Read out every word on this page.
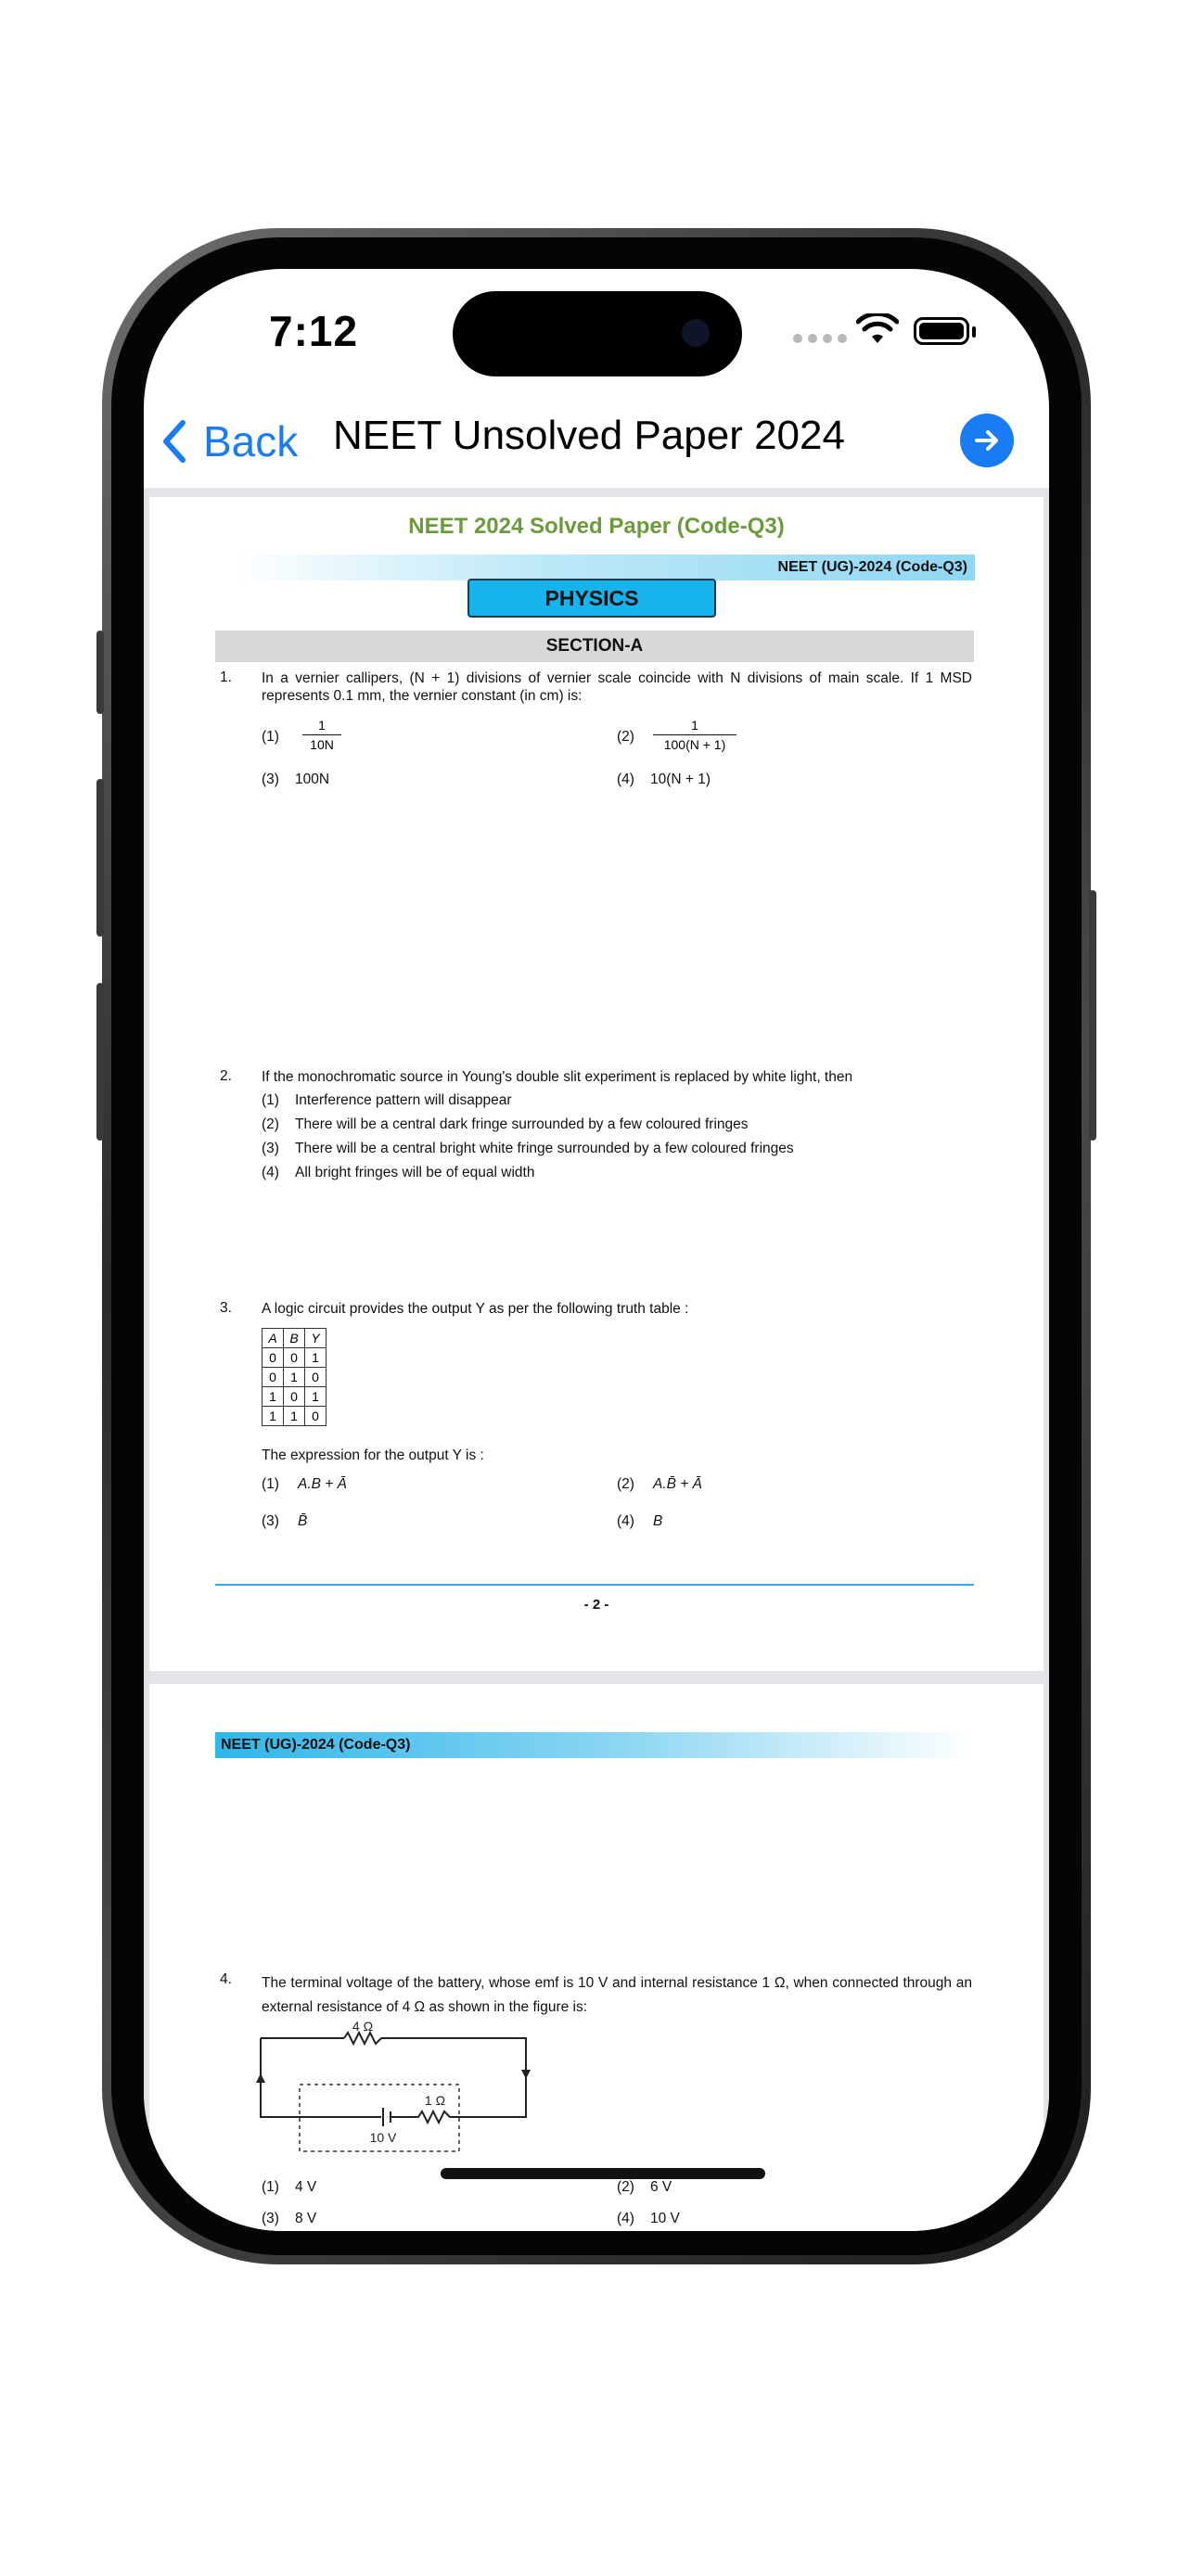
7:12
Back NEET Unsolved Paper 2024
NEET 2024 Solved Paper (Code-Q3)
NEET (UG)-2024 (Code-Q3)
PHYSICS
SECTION-A
1. In a vernier callipers, (N + 1) divisions of vernier scale coincide with N divisions of main scale. If 1 MSD represents 0.1 mm, the vernier constant (in cm) is:
(1)
1
10N	(2)
1
100(N + 1)
(3) 100N	(4) 10(N + 1)
2. If the monochromatic source in Young's double slit experiment is replaced by white light, then
(1) Interference pattern will disappear
(2) There will be a central dark fringe surrounded by a few coloured fringes
(3) There will be a central bright white fringe surrounded by a few coloured fringes
(4) All bright fringes will be of equal width
3. A logic circuit provides the output Y as per the following truth table :
A	B	Y
0	0	1
0	1	0
1	0	1
1	1	0
The expression for the output Y is :
(1) A.B + Ā	(2) A.B̄ + Ā
(3) B̄	(4) B
- 2 -
NEET (UG)-2024 (Code-Q3)
4. The terminal voltage of the battery, whose emf is 10 V and internal resistance 1 Ω, when connected through an external resistance of 4 Ω as shown in the figure is:
4 Ω
1 Ω
10 V
(1) 4 V	(2) 6 V
(3) 8 V	(4) 10 V
